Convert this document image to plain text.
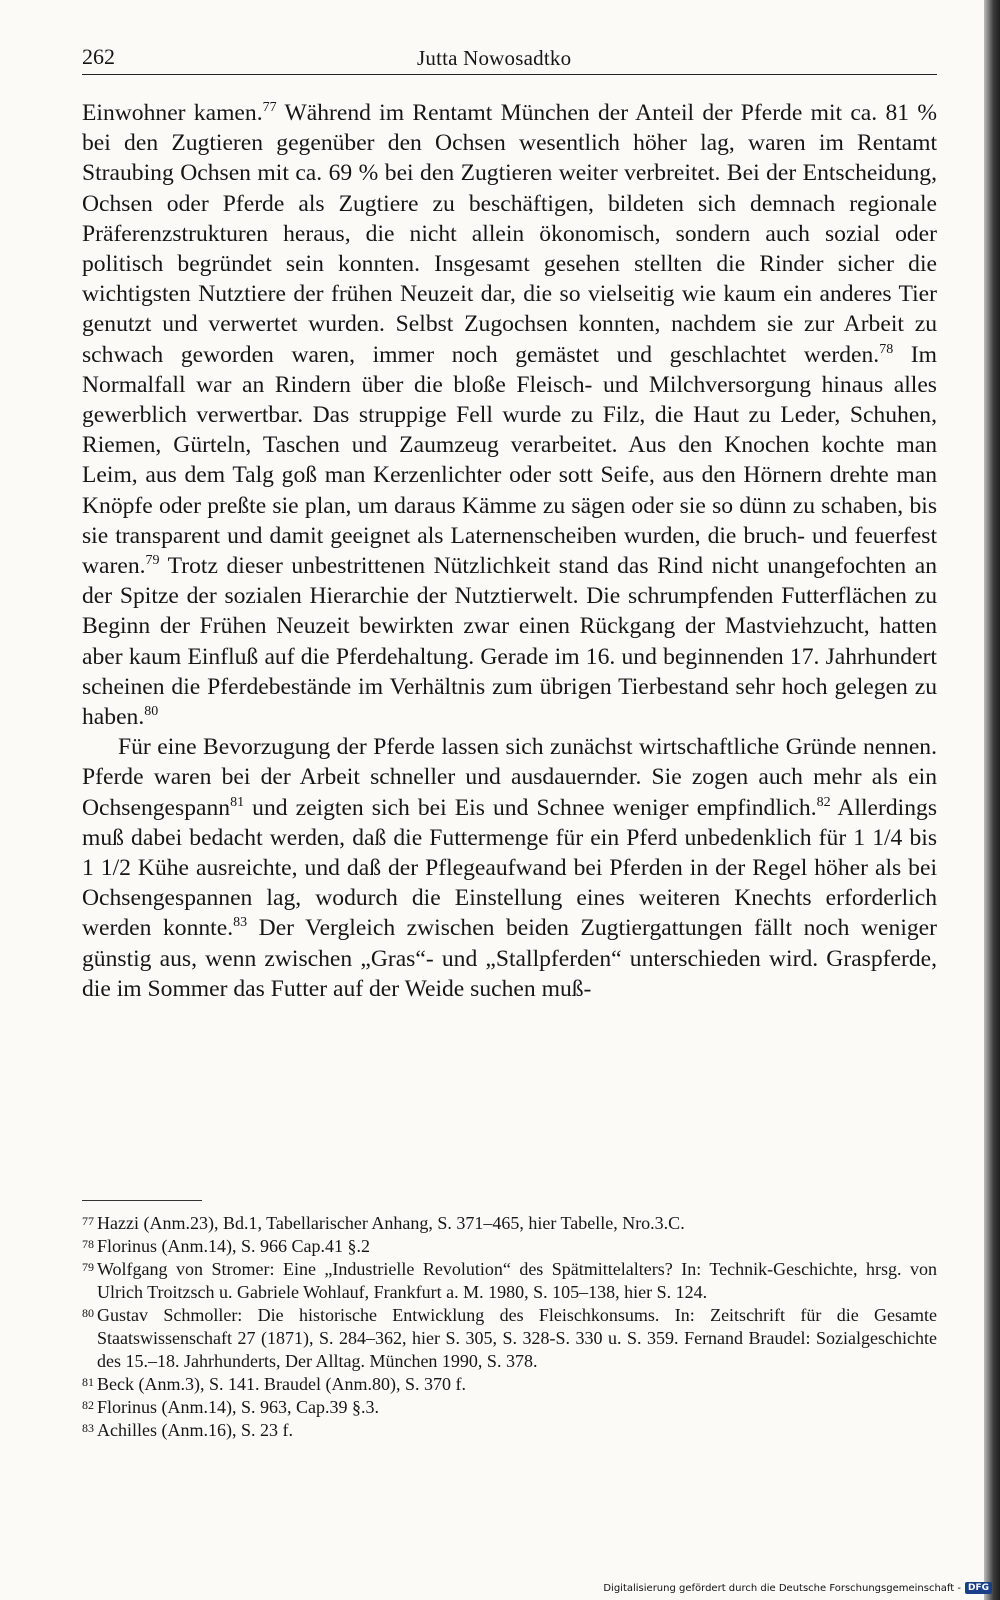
262	Jutta Nowosadtko

Einwohner kamen.$^{77}$ Während im Rentamt München der Anteil der Pferde mit ca. 81 % bei den Zugtieren gegenüber den Ochsen wesentlich höher lag, waren im Rentamt Straubing Ochsen mit ca. 69 % bei den Zugtieren weiter verbreitet. Bei der Entscheidung, Ochsen oder Pferde als Zugtiere zu beschäftigen, bildeten sich demnach regionale Präferenzstrukturen heraus, die nicht allein ökonomisch, sondern auch sozial oder politisch begründet sein konnten. Insgesamt gesehen stellten die Rinder sicher die wichtigsten Nutztiere der frühen Neuzeit dar, die so vielseitig wie kaum ein anderes Tier genutzt und verwertet wurden. Selbst Zugochsen konnten, nachdem sie zur Arbeit zu schwach geworden waren, immer noch gemästet und geschlachtet werden.$^{78}$ Im Normalfall war an Rindern über die bloße Fleisch- und Milchversorgung hinaus alles gewerblich verwertbar. Das struppige Fell wurde zu Filz, die Haut zu Leder, Schuhen, Riemen, Gürteln, Taschen und Zaumzeug verarbeitet. Aus den Knochen kochte man Leim, aus dem Talg goß man Kerzenlichter oder sott Seife, aus den Hörnern drehte man Knöpfe oder preßte sie plan, um daraus Kämme zu sägen oder sie so dünn zu schaben, bis sie transparent und damit geeignet als Laternenscheiben wurden, die bruch- und feuerfest waren.$^{79}$ Trotz dieser unbestrittenen Nützlichkeit stand das Rind nicht unangefochten an der Spitze der sozialen Hierarchie der Nutztierwelt. Die schrumpfenden Futterflächen zu Beginn der Frühen Neuzeit bewirkten zwar einen Rückgang der Mastviehzucht, hatten aber kaum Einfluß auf die Pferdehaltung. Gerade im 16. und beginnenden 17. Jahrhundert scheinen die Pferdebestände im Verhältnis zum übrigen Tierbestand sehr hoch gelegen zu haben.$^{80}$

Für eine Bevorzugung der Pferde lassen sich zunächst wirtschaftliche Gründe nennen. Pferde waren bei der Arbeit schneller und ausdauernder. Sie zogen auch mehr als ein Ochsengespann$^{81}$ und zeigten sich bei Eis und Schnee weniger empfindlich.$^{82}$ Allerdings muß dabei bedacht werden, daß die Futtermenge für ein Pferd unbedenklich für 1 1/4 bis 1 1/2 Kühe ausreichte, und daß der Pflegeaufwand bei Pferden in der Regel höher als bei Ochsengespannen lag, wodurch die Einstellung eines weiteren Knechts erforderlich werden konnte.$^{83}$ Der Vergleich zwischen beiden Zugtiergattungen fällt noch weniger günstig aus, wenn zwischen „Gras“- und „Stallpferden“ unterschieden wird. Graspferde, die im Sommer das Futter auf der Weide suchen muß-

77 Hazzi (Anm.23), Bd.1, Tabellarischer Anhang, S. 371–465, hier Tabelle, Nro.3.C.
78 Florinus (Anm.14), S. 966 Cap.41 §.2
79 Wolfgang von Stromer: Eine „Industrielle Revolution“ des Spätmittelalters? In: Technik-Geschichte, hrsg. von Ulrich Troitzsch u. Gabriele Wohlauf, Frankfurt a. M. 1980, S. 105–138, hier S. 124.
80 Gustav Schmoller: Die historische Entwicklung des Fleischkonsums. In: Zeitschrift für die Gesamte Staatswissenschaft 27 (1871), S. 284–362, hier S. 305, S. 328-S. 330 u. S. 359. Fernand Braudel: Sozialgeschichte des 15.–18. Jahrhunderts, Der Alltag. München 1990, S. 378.
81 Beck (Anm.3), S. 141. Braudel (Anm.80), S. 370 f.
82 Florinus (Anm.14), S. 963, Cap.39 §.3.
83 Achilles (Anm.16), S. 23 f.
Digitalisierung gefördert durch die Deutsche Forschungsgemeinschaft - DFG
